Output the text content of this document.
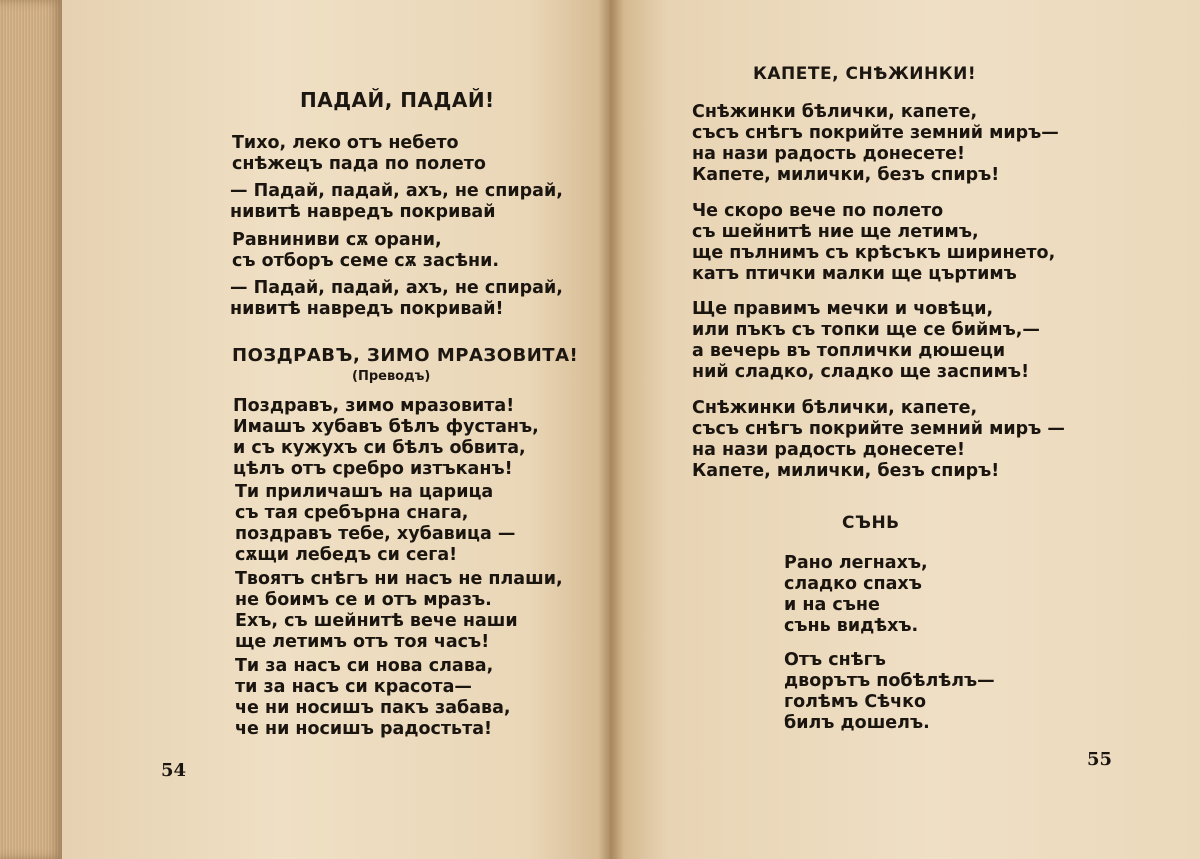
ПАДАЙ, ПАДАЙ!
Тихо, леко отъ небето
снѣжецъ пада по полето
— Падай, падай, ахъ, не спирай,
нивитѣ навредъ покривай
Равниниви сѫ орани,
съ отборъ семе сѫ засѣни.
— Падай, падай, ахъ, не спирай,
нивитѣ навредъ покривай!
ПОЗДРАВЪ, ЗИМО МРАЗОВИТА!
(Преводъ)
Поздравъ, зимо мразовита!
Имашъ хубавъ бѣлъ фустанъ,
и съ кужухъ си бѣлъ обвита,
цѣлъ отъ сребро изтъканъ!
Ти приличашъ на царица
съ тая сребърна снага,
поздравъ тебе, хубавица —
сѫщи лебедъ си сега!
Твоятъ снѣгъ ни насъ не плаши,
не боимъ се и отъ мразъ.
Ехъ, съ шейнитѣ вече наши
ще летимъ отъ тоя часъ!
Ти за насъ си нова слава,
ти за насъ си красота—
че ни носишъ пакъ забава,
че ни носишъ радостьта!
54
КАПЕТЕ, СНѢЖИНКИ!
Снѣжинки бѣлички, капете,
съсъ снѣгъ покрийте земний миръ—
на нази радость донесете!
Капете, милички, безъ спиръ!
Че скоро вече по полето
съ шейнитѣ ние ще летимъ,
ще пълнимъ съ крѣсъкъ ширинето,
катъ птички малки ще църтимъ
Ще правимъ мечки и човѣци,
или пъкъ съ топки ще се биймъ,—
а вечерь въ топлички дюшеци
ний сладко, сладко ще заспимъ!
Снѣжинки бѣлички, капете,
съсъ снѣгъ покрийте земний миръ —
на нази радость донесете!
Капете, милички, безъ спиръ!
СЪНЬ
Рано легнахъ,
сладко спахъ
и на съне
сънь видѣхъ.
Отъ снѣгъ
дворътъ побѣлѣлъ—
голѣмъ Сѣчко
билъ дошелъ.
55
